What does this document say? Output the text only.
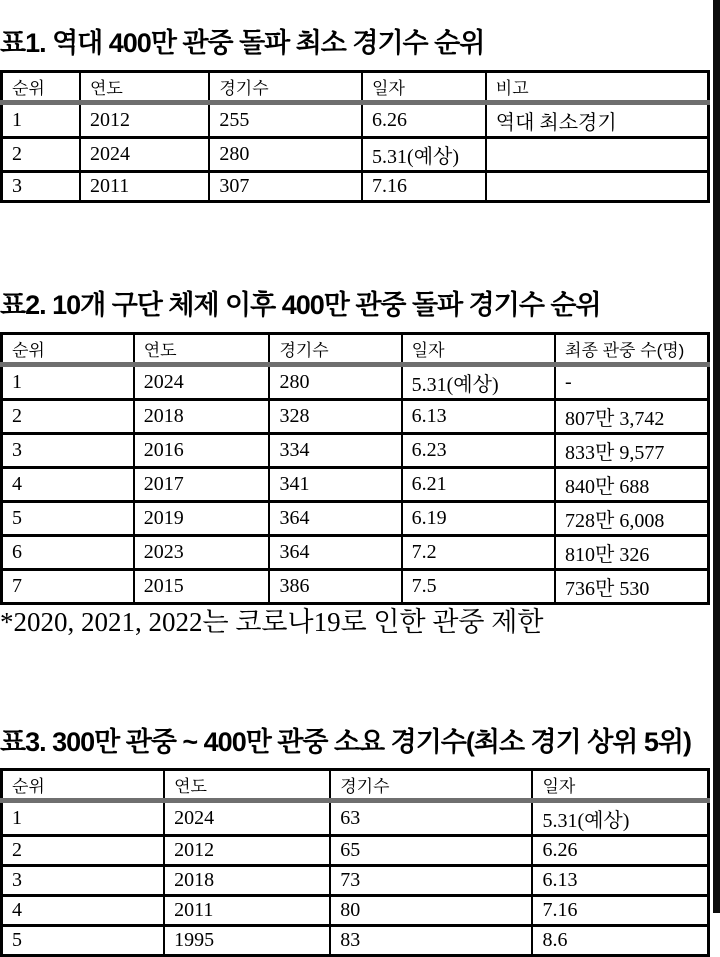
표1. 역대 400만 관중 돌파 최소 경기수 순위
순위	연도	경기수	일자	비고
1	2012	255	6.26	역대 최소경기
2	2024	280	5.31(예상)	
3	2011	307	7.16	
표2. 10개 구단 체제 이후 400만 관중 돌파 경기수 순위
순위	연도	경기수	일자	최종 관중 수(명)
1	2024	280	5.31(예상)	-
2	2018	328	6.13	807만 3,742
3	2016	334	6.23	833만 9,577
4	2017	341	6.21	840만 688
5	2019	364	6.19	728만 6,008
6	2023	364	7.2	810만 326
7	2015	386	7.5	736만 530

*2020, 2021, 2022는 코로나19로 인한 관중 제한

표3. 300만 관중 ~ 400만 관중 소요 경기수(최소 경기 상위 5위)
순위	연도	경기수	일자
1	2024	63	5.31(예상)
2	2012	65	6.26
3	2018	73	6.13
4	2011	80	7.16
5	1995	83	8.6
